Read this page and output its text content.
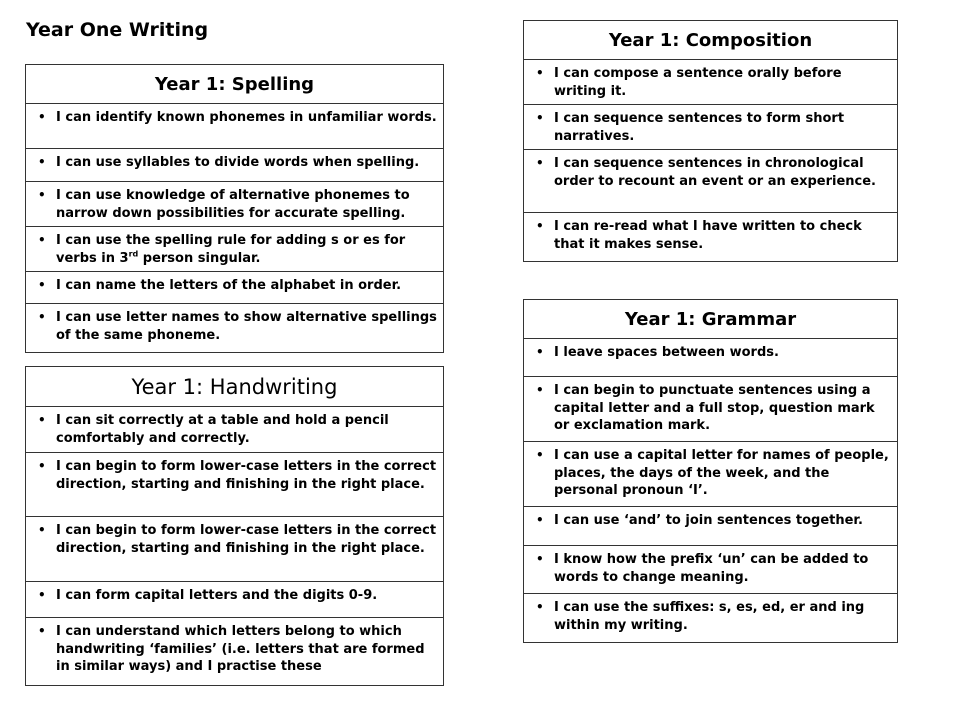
Year One Writing
Year 1: Spelling
• I can identify known phonemes in unfamiliar words.
• I can use syllables to divide words when spelling.
• I can use knowledge of alternative phonemes to narrow down possibilities for accurate spelling.
• I can use the spelling rule for adding s or es for verbs in 3rd person singular.
• I can name the letters of the alphabet in order.
• I can use letter names to show alternative spellings of the same phoneme.
Year 1: Handwriting
• I can sit correctly at a table and hold a pencil comfortably and correctly.
• I can begin to form lower-case letters in the correct direction, starting and finishing in the right place.
• I can begin to form lower-case letters in the correct direction, starting and finishing in the right place.
• I can form capital letters and the digits 0-9.
• I can understand which letters belong to which handwriting ‘families’ (i.e. letters that are formed in similar ways) and I practise these
Year 1: Composition
• I can compose a sentence orally before writing it.
• I can sequence sentences to form short narratives.
• I can sequence sentences in chronological order to recount an event or an experience.
• I can re-read what I have written to check that it makes sense.
Year 1: Grammar
• I leave spaces between words.
• I can begin to punctuate sentences using a capital letter and a full stop, question mark or exclamation mark.
• I can use a capital letter for names of people, places, the days of the week, and the personal pronoun ‘I’.
• I can use ‘and’ to join sentences together.
• I know how the prefix ‘un’ can be added to words to change meaning.
• I can use the suffixes: s, es, ed, er and ing within my writing.
